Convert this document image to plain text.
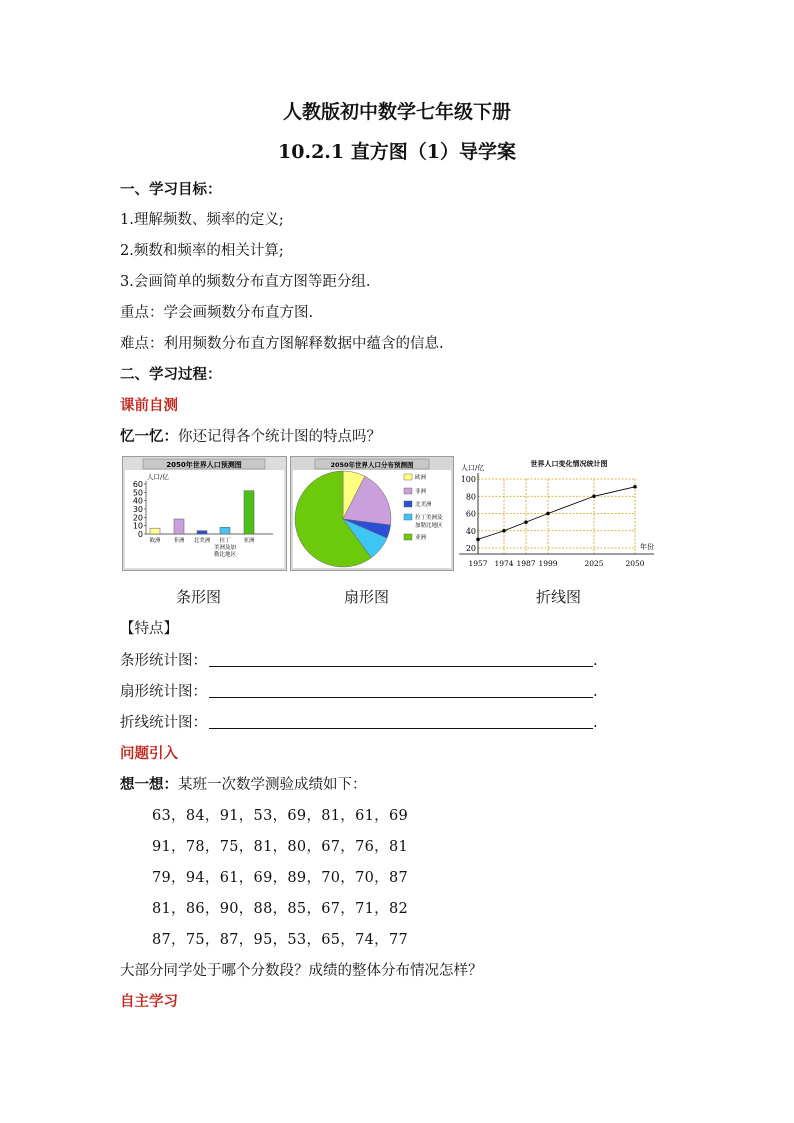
人教版初中数学七年级下册
10.2.1 直方图（1）导学案
一、学习目标：
1.理解频数、频率的定义;
2.频数和频率的相关计算;
3.会画简单的频数分布直方图等距分组.
重点：学会画频数分布直方图.
难点：利用频数分布直方图解释数据中蕴含的信息.
二、学习过程：
课前自测
忆一忆：你还记得各个统计图的特点吗？
2050年世界人口预测图
人口/亿
60
50
40
30
20
10
0
欧洲 非洲 北美洲 拉丁 亚洲
美洲及加
勒比地区
2050年世界人口分布预测图
欧洲
非洲
北美洲
拉丁美洲及
亚洲
加勒比地区
世界人口变化情况统计图
人口/亿
20
40
60
80
100
年份
1957 1974 1987 1999	2025	2050
条形图	扇形图	折线图
【特点】
条形统计图：	.
扇形统计图：	.
折线统计图：	.
问题引入
想一想：某班一次数学测验成绩如下：
63，84，91，53，69，81，61，69
91，78，75，81，80，67，76，81
79，94，61，69，89，70，70，87
81，86，90，88，85，67，71，82
87，75，87，95，53，65，74，77
大部分同学处于哪个分数段？成绩的整体分布情况怎样？
自主学习
